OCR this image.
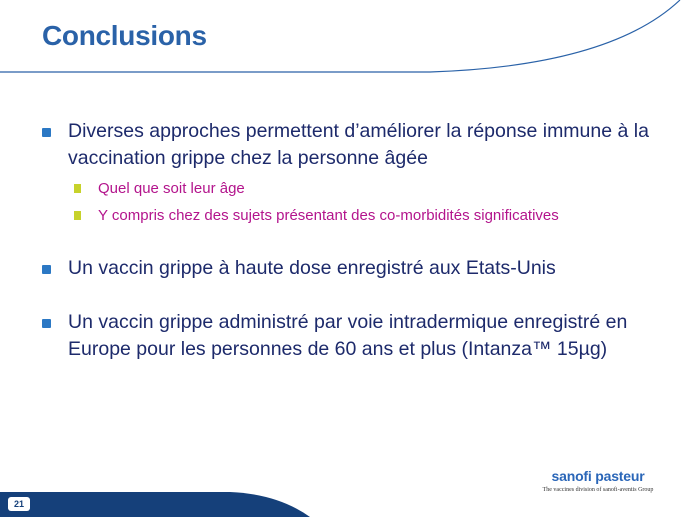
Conclusions
Diverses approches permettent d’améliorer la réponse immune à la vaccination grippe chez la personne âgée
Quel que soit leur âge
Y compris chez des sujets présentant des co-morbidités significatives
Un vaccin grippe à haute dose enregistré aux Etats-Unis
Un vaccin grippe administré par voie intradermique enregistré en Europe pour les personnes de 60 ans et plus (Intanza™ 15µg)
21
sanofi pasteur
The vaccines division of sanofi-aventis Group
